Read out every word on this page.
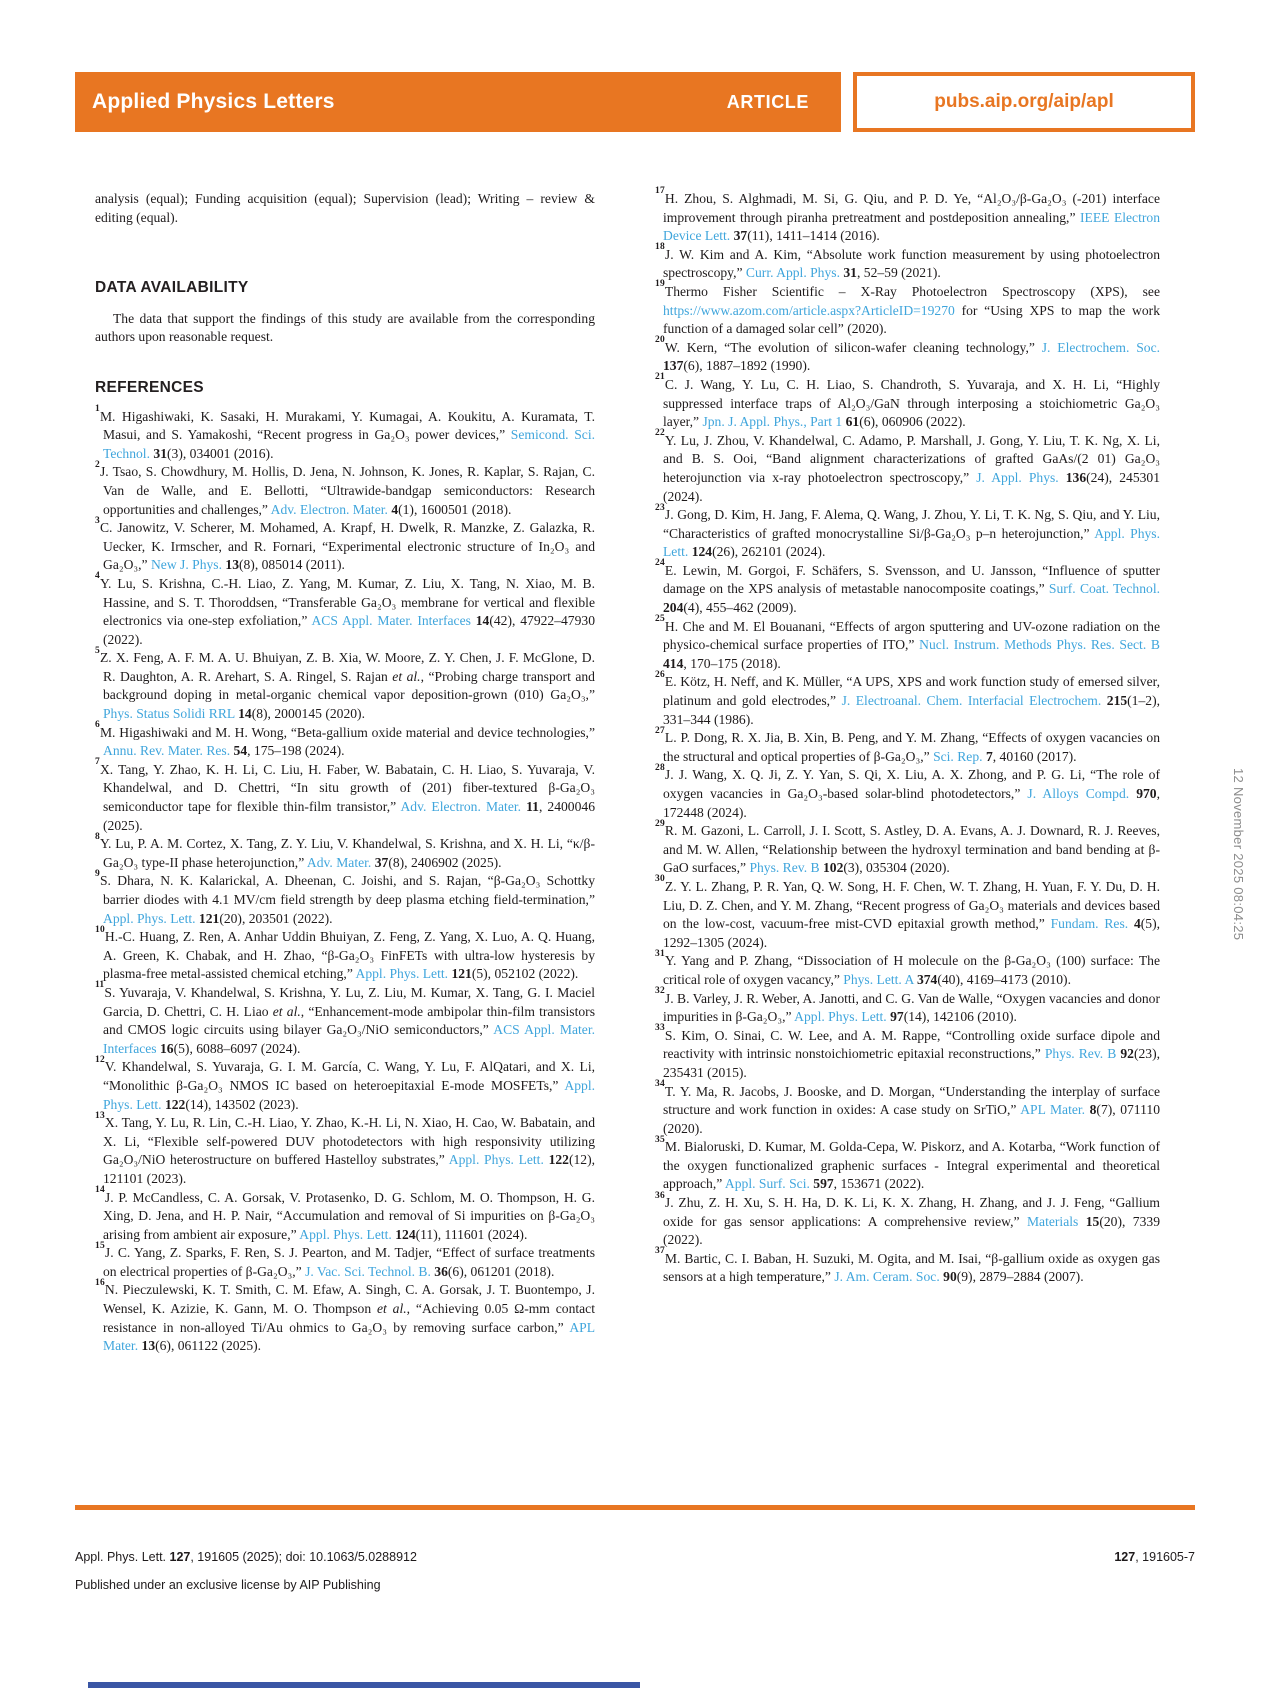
Applied Physics Letters	ARTICLE	pubs.aip.org/aip/apl

analysis (equal); Funding acquisition (equal); Supervision (lead); Writing – review & editing (equal).

DATA AVAILABILITY

The data that support the findings of this study are available from the corresponding authors upon reasonable request.

REFERENCES
$^1$M. Higashiwaki, K. Sasaki, H. Murakami, Y. Kumagai, A. Koukitu, A. Kuramata, T. Masui, and S. Yamakoshi, “Recent progress in Ga₂O₃ power devices,” Semicond. Sci. Technol. 31(3), 034001 (2016).
$^2$J. Tsao, S. Chowdhury, M. Hollis, D. Jena, N. Johnson, K. Jones, R. Kaplar, S. Rajan, C. Van de Walle, and E. Bellotti, “Ultrawide-bandgap semiconductors: Research opportunities and challenges,” Adv. Electron. Mater. 4(1), 1600501 (2018).
$^3$C. Janowitz, V. Scherer, M. Mohamed, A. Krapf, H. Dwelk, R. Manzke, Z. Galazka, R. Uecker, K. Irmscher, and R. Fornari, “Experimental electronic structure of In₂O₃ and Ga₂O₃,” New J. Phys. 13(8), 085014 (2011).
$^4$Y. Lu, S. Krishna, C.-H. Liao, Z. Yang, M. Kumar, Z. Liu, X. Tang, N. Xiao, M. B. Hassine, and S. T. Thoroddsen, “Transferable Ga₂O₃ membrane for vertical and flexible electronics via one-step exfoliation,” ACS Appl. Mater. Interfaces 14(42), 47922–47930 (2022).
$^5$Z. X. Feng, A. F. M. A. U. Bhuiyan, Z. B. Xia, W. Moore, Z. Y. Chen, J. F. McGlone, D. R. Daughton, A. R. Arehart, S. A. Ringel, S. Rajan et al., “Probing charge transport and background doping in metal-organic chemical vapor deposition-grown (010) Ga₂O₃,” Phys. Status Solidi RRL 14(8), 2000145 (2020).
$^6$M. Higashiwaki and M. H. Wong, “Beta-gallium oxide material and device technologies,” Annu. Rev. Mater. Res. 54, 175–198 (2024).
$^7$X. Tang, Y. Zhao, K. H. Li, C. Liu, H. Faber, W. Babatain, C. H. Liao, S. Yuvaraja, V. Khandelwal, and D. Chettri, “In situ growth of (201) fiber-textured β-Ga₂O₃ semiconductor tape for flexible thin-film transistor,” Adv. Electron. Mater. 11, 2400046 (2025).
$^8$Y. Lu, P. A. M. Cortez, X. Tang, Z. Y. Liu, V. Khandelwal, S. Krishna, and X. H. Li, “κ/β-Ga₂O₃ type-II phase heterojunction,” Adv. Mater. 37(8), 2406902 (2025).
$^9$S. Dhara, N. K. Kalarickal, A. Dheenan, C. Joishi, and S. Rajan, “β-Ga₂O₃ Schottky barrier diodes with 4.1 MV/cm field strength by deep plasma etching field-termination,” Appl. Phys. Lett. 121(20), 203501 (2022).
$^{10}$H.-C. Huang, Z. Ren, A. Anhar Uddin Bhuiyan, Z. Feng, Z. Yang, X. Luo, A. Q. Huang, A. Green, K. Chabak, and H. Zhao, “β-Ga₂O₃ FinFETs with ultra-low hysteresis by plasma-free metal-assisted chemical etching,” Appl. Phys. Lett. 121(5), 052102 (2022).
$^{11}$S. Yuvaraja, V. Khandelwal, S. Krishna, Y. Lu, Z. Liu, M. Kumar, X. Tang, G. I. Maciel Garcia, D. Chettri, C. H. Liao et al., “Enhancement-mode ambipolar thin-film transistors and CMOS logic circuits using bilayer Ga₂O₃/NiO semiconductors,” ACS Appl. Mater. Interfaces 16(5), 6088–6097 (2024).
$^{12}$V. Khandelwal, S. Yuvaraja, G. I. M. García, C. Wang, Y. Lu, F. AlQatari, and X. Li, “Monolithic β-Ga₂O₃ NMOS IC based on heteroepitaxial E-mode MOSFETs,” Appl. Phys. Lett. 122(14), 143502 (2023).
$^{13}$X. Tang, Y. Lu, R. Lin, C.-H. Liao, Y. Zhao, K.-H. Li, N. Xiao, H. Cao, W. Babatain, and X. Li, “Flexible self-powered DUV photodetectors with high responsivity utilizing Ga₂O₃/NiO heterostructure on buffered Hastelloy substrates,” Appl. Phys. Lett. 122(12), 121101 (2023).
$^{14}$J. P. McCandless, C. A. Gorsak, V. Protasenko, D. G. Schlom, M. O. Thompson, H. G. Xing, D. Jena, and H. P. Nair, “Accumulation and removal of Si impurities on β-Ga₂O₃ arising from ambient air exposure,” Appl. Phys. Lett. 124(11), 111601 (2024).
$^{15}$J. C. Yang, Z. Sparks, F. Ren, S. J. Pearton, and M. Tadjer, “Effect of surface treatments on electrical properties of β-Ga₂O₃,” J. Vac. Sci. Technol. B. 36(6), 061201 (2018).
$^{16}$N. Pieczulewski, K. T. Smith, C. M. Efaw, A. Singh, C. A. Gorsak, J. T. Buontempo, J. Wensel, K. Azizie, K. Gann, M. O. Thompson et al., “Achieving 0.05 Ω-mm contact resistance in non-alloyed Ti/Au ohmics to Ga₂O₃ by removing surface carbon,” APL Mater. 13(6), 061122 (2025).
$^{17}$H. Zhou, S. Alghmadi, M. Si, G. Qiu, and P. D. Ye, “Al₂O₃/β-Ga₂O₃ (-201) interface improvement through piranha pretreatment and postdeposition annealing,” IEEE Electron Device Lett. 37(11), 1411–1414 (2016).
$^{18}$J. W. Kim and A. Kim, “Absolute work function measurement by using photoelectron spectroscopy,” Curr. Appl. Phys. 31, 52–59 (2021).
$^{19}$Thermo Fisher Scientific – X-Ray Photoelectron Spectroscopy (XPS), see https://www.azom.com/article.aspx?ArticleID=19270 for “Using XPS to map the work function of a damaged solar cell” (2020).
$^{20}$W. Kern, “The evolution of silicon-wafer cleaning technology,” J. Electrochem. Soc. 137(6), 1887–1892 (1990).
$^{21}$C. J. Wang, Y. Lu, C. H. Liao, S. Chandroth, S. Yuvaraja, and X. H. Li, “Highly suppressed interface traps of Al₂O₃/GaN through interposing a stoichiometric Ga₂O₃ layer,” Jpn. J. Appl. Phys., Part 1 61(6), 060906 (2022).
$^{22}$Y. Lu, J. Zhou, V. Khandelwal, C. Adamo, P. Marshall, J. Gong, Y. Liu, T. K. Ng, X. Li, and B. S. Ooi, “Band alignment characterizations of grafted GaAs/(2 01) Ga₂O₃ heterojunction via x-ray photoelectron spectroscopy,” J. Appl. Phys. 136(24), 245301 (2024).
$^{23}$J. Gong, D. Kim, H. Jang, F. Alema, Q. Wang, J. Zhou, Y. Li, T. K. Ng, S. Qiu, and Y. Liu, “Characteristics of grafted monocrystalline Si/β-Ga₂O₃ p–n heterojunction,” Appl. Phys. Lett. 124(26), 262101 (2024).
$^{24}$E. Lewin, M. Gorgoi, F. Schäfers, S. Svensson, and U. Jansson, “Influence of sputter damage on the XPS analysis of metastable nanocomposite coatings,” Surf. Coat. Technol. 204(4), 455–462 (2009).
$^{25}$H. Che and M. El Bouanani, “Effects of argon sputtering and UV-ozone radiation on the physico-chemical surface properties of ITO,” Nucl. Instrum. Methods Phys. Res. Sect. B 414, 170–175 (2018).
$^{26}$E. Kötz, H. Neff, and K. Müller, “A UPS, XPS and work function study of emersed silver, platinum and gold electrodes,” J. Electroanal. Chem. Interfacial Electrochem. 215(1–2), 331–344 (1986).
$^{27}$L. P. Dong, R. X. Jia, B. Xin, B. Peng, and Y. M. Zhang, “Effects of oxygen vacancies on the structural and optical properties of β-Ga₂O₃,” Sci. Rep. 7, 40160 (2017).
$^{28}$J. J. Wang, X. Q. Ji, Z. Y. Yan, S. Qi, X. Liu, A. X. Zhong, and P. G. Li, “The role of oxygen vacancies in Ga₂O₃-based solar-blind photodetectors,” J. Alloys Compd. 970, 172448 (2024).
$^{29}$R. M. Gazoni, L. Carroll, J. I. Scott, S. Astley, D. A. Evans, A. J. Downard, R. J. Reeves, and M. W. Allen, “Relationship between the hydroxyl termination and band bending at β-GaO surfaces,” Phys. Rev. B 102(3), 035304 (2020).
$^{30}$Z. Y. L. Zhang, P. R. Yan, Q. W. Song, H. F. Chen, W. T. Zhang, H. Yuan, F. Y. Du, D. H. Liu, D. Z. Chen, and Y. M. Zhang, “Recent progress of Ga₂O₃ materials and devices based on the low-cost, vacuum-free mist-CVD epitaxial growth method,” Fundam. Res. 4(5), 1292–1305 (2024).
$^{31}$Y. Yang and P. Zhang, “Dissociation of H molecule on the β-Ga₂O₃ (100) surface: The critical role of oxygen vacancy,” Phys. Lett. A 374(40), 4169–4173 (2010).
$^{32}$J. B. Varley, J. R. Weber, A. Janotti, and C. G. Van de Walle, “Oxygen vacancies and donor impurities in β-Ga₂O₃,” Appl. Phys. Lett. 97(14), 142106 (2010).
$^{33}$S. Kim, O. Sinai, C. W. Lee, and A. M. Rappe, “Controlling oxide surface dipole and reactivity with intrinsic nonstoichiometric epitaxial reconstructions,” Phys. Rev. B 92(23), 235431 (2015).
$^{34}$T. Y. Ma, R. Jacobs, J. Booske, and D. Morgan, “Understanding the interplay of surface structure and work function in oxides: A case study on SrTiO,” APL Mater. 8(7), 071110 (2020).
$^{35}$M. Bialoruski, D. Kumar, M. Golda-Cepa, W. Piskorz, and A. Kotarba, “Work function of the oxygen functionalized graphenic surfaces - Integral experimental and theoretical approach,” Appl. Surf. Sci. 597, 153671 (2022).
$^{36}$J. Zhu, Z. H. Xu, S. H. Ha, D. K. Li, K. X. Zhang, H. Zhang, and J. J. Feng, “Gallium oxide for gas sensor applications: A comprehensive review,” Materials 15(20), 7339 (2022).
$^{37}$M. Bartic, C. I. Baban, H. Suzuki, M. Ogita, and M. Isai, “β-gallium oxide as oxygen gas sensors at a high temperature,” J. Am. Ceram. Soc. 90(9), 2879–2884 (2007).
12 November 2025 08:04:25
Appl. Phys. Lett. 127, 191605 (2025); doi: 10.1063/5.0288912	127, 191605-7
Published under an exclusive license by AIP Publishing
